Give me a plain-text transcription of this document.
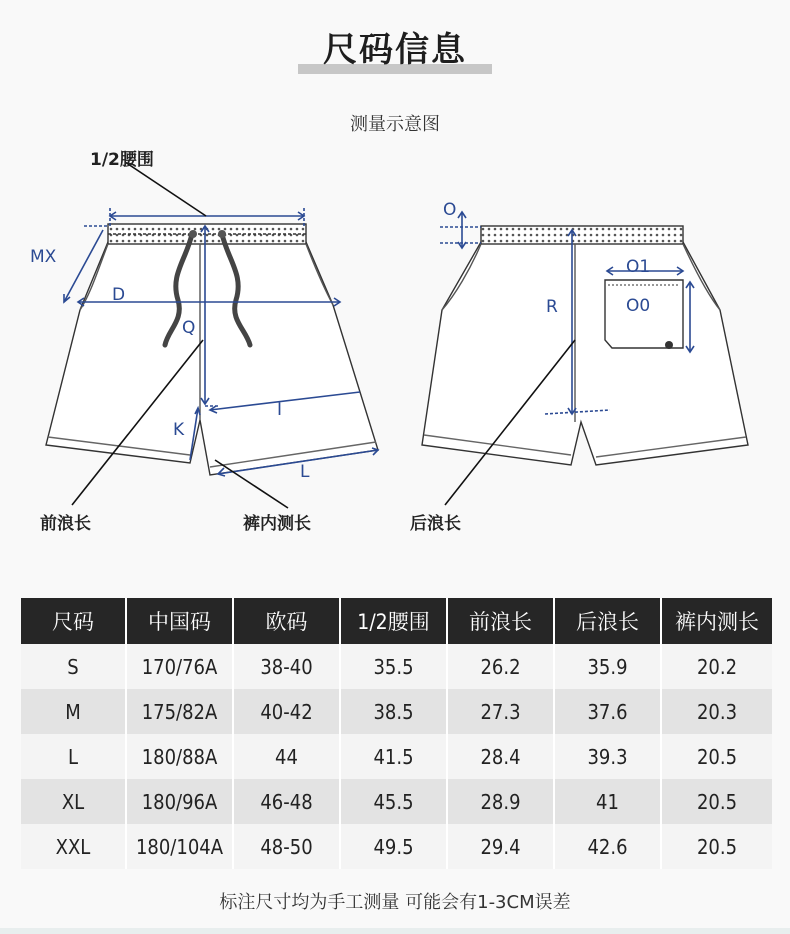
尺码信息
测量示意图
MX
D
Q
I
K
L
O
O1
O0
R
1/2腰围
前浪长	裤内测长	后浪长
尺码	中国码	欧码	1/2腰围	前浪长	后浪长	裤内测长
S	170/76A	38-40	35.5	26.2	35.9	20.2
M	175/82A	40-42	38.5	27.3	37.6	20.3
L	180/88A	44	41.5	28.4	39.3	20.5
XL	180/96A	46-48	45.5	28.9	41	20.5
XXL	180/104A	48-50	49.5	29.4	42.6	20.5
标注尺寸均为手工测量 可能会有1-3CM误差
